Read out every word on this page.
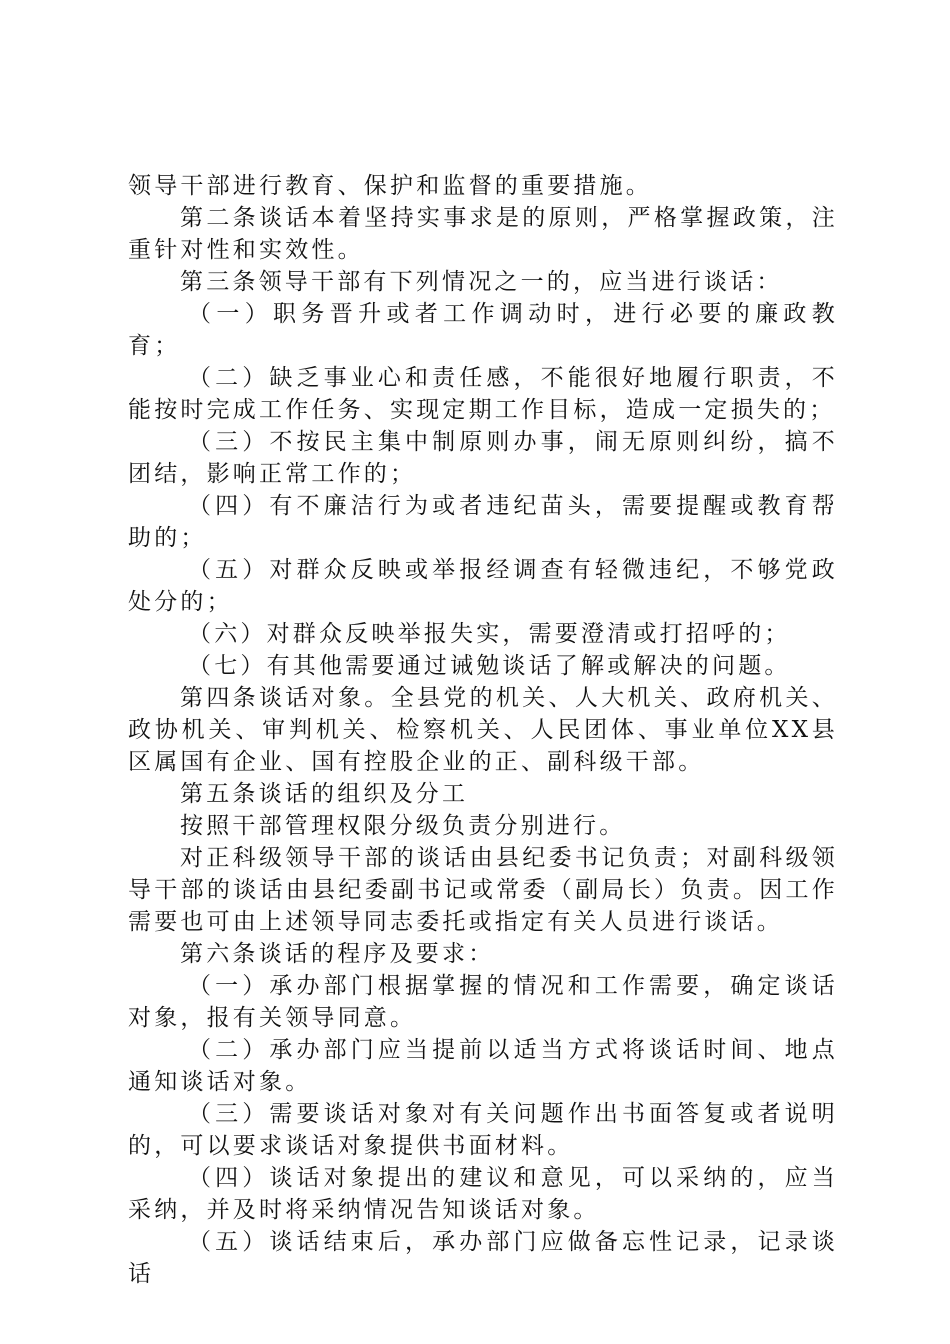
领导干部进行教育、保护和监督的重要措施。

第二条谈话本着坚持实事求是的原则，严格掌握政策，注重针对性和实效性。

第三条领导干部有下列情况之一的，应当进行谈话：

（一）职务晋升或者工作调动时，进行必要的廉政教育；

（二）缺乏事业心和责任感，不能很好地履行职责，不能按时完成工作任务、实现定期工作目标，造成一定损失的；

（三）不按民主集中制原则办事，闹无原则纠纷，搞不团结，影响正常工作的；

（四）有不廉洁行为或者违纪苗头，需要提醒或教育帮助的；

（五）对群众反映或举报经调查有轻微违纪，不够党政处分的；

（六）对群众反映举报失实，需要澄清或打招呼的；

（七）有其他需要通过诫勉谈话了解或解决的问题。

第四条谈话对象。全县党的机关、人大机关、政府机关、政协机关、审判机关、检察机关、人民团体、事业单位XX县区属国有企业、国有控股企业的正、副科级干部。

第五条谈话的组织及分工

按照干部管理权限分级负责分别进行。

对正科级领导干部的谈话由县纪委书记负责；对副科级领导干部的谈话由县纪委副书记或常委（副局长）负责。因工作需要也可由上述领导同志委托或指定有关人员进行谈话。

第六条谈话的程序及要求：

（一）承办部门根据掌握的情况和工作需要，确定谈话对象，报有关领导同意。

（二）承办部门应当提前以适当方式将谈话时间、地点通知谈话对象。

（三）需要谈话对象对有关问题作出书面答复或者说明的，可以要求谈话对象提供书面材料。

（四）谈话对象提出的建议和意见，可以采纳的，应当采纳，并及时将采纳情况告知谈话对象。

（五）谈话结束后，承办部门应做备忘性记录，记录谈话
